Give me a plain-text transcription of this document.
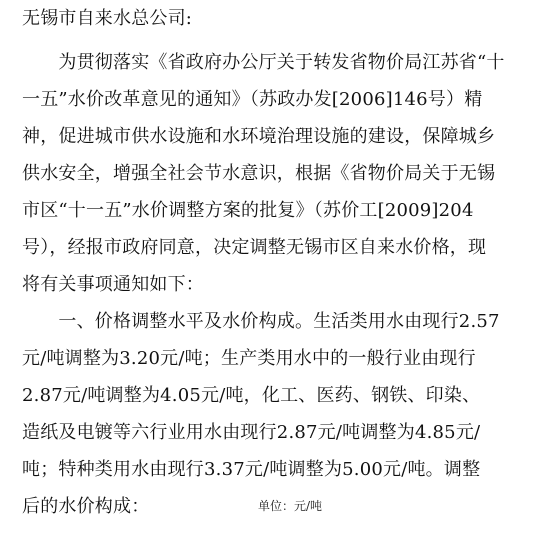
无锡市自来水总公司:
　　为贯彻落实《省政府办公厅关于转发省物价局江苏省“十
一五”水价改革意见的通知》（苏政办发[2006]146号）精
神，促进城市供水设施和水环境治理设施的建设，保障城乡
供水安全，增强全社会节水意识，根据《省物价局关于无锡
市区“十一五”水价调整方案的批复》（苏价工[2009]204
号），经报市政府同意，决定调整无锡市区自来水价格，现
将有关事项通知如下：
　　一、价格调整水平及水价构成。生活类用水由现行2.57
元/吨调整为3.20元/吨；生产类用水中的一般行业由现行
2.87元/吨调整为4.05元/吨，化工、医药、钢铁、印染、
造纸及电镀等六行业用水由现行2.87元/吨调整为4.85元/
吨；特种类用水由现行3.37元/吨调整为5.00元/吨。调整
后的水价构成：	单位：元/吨
